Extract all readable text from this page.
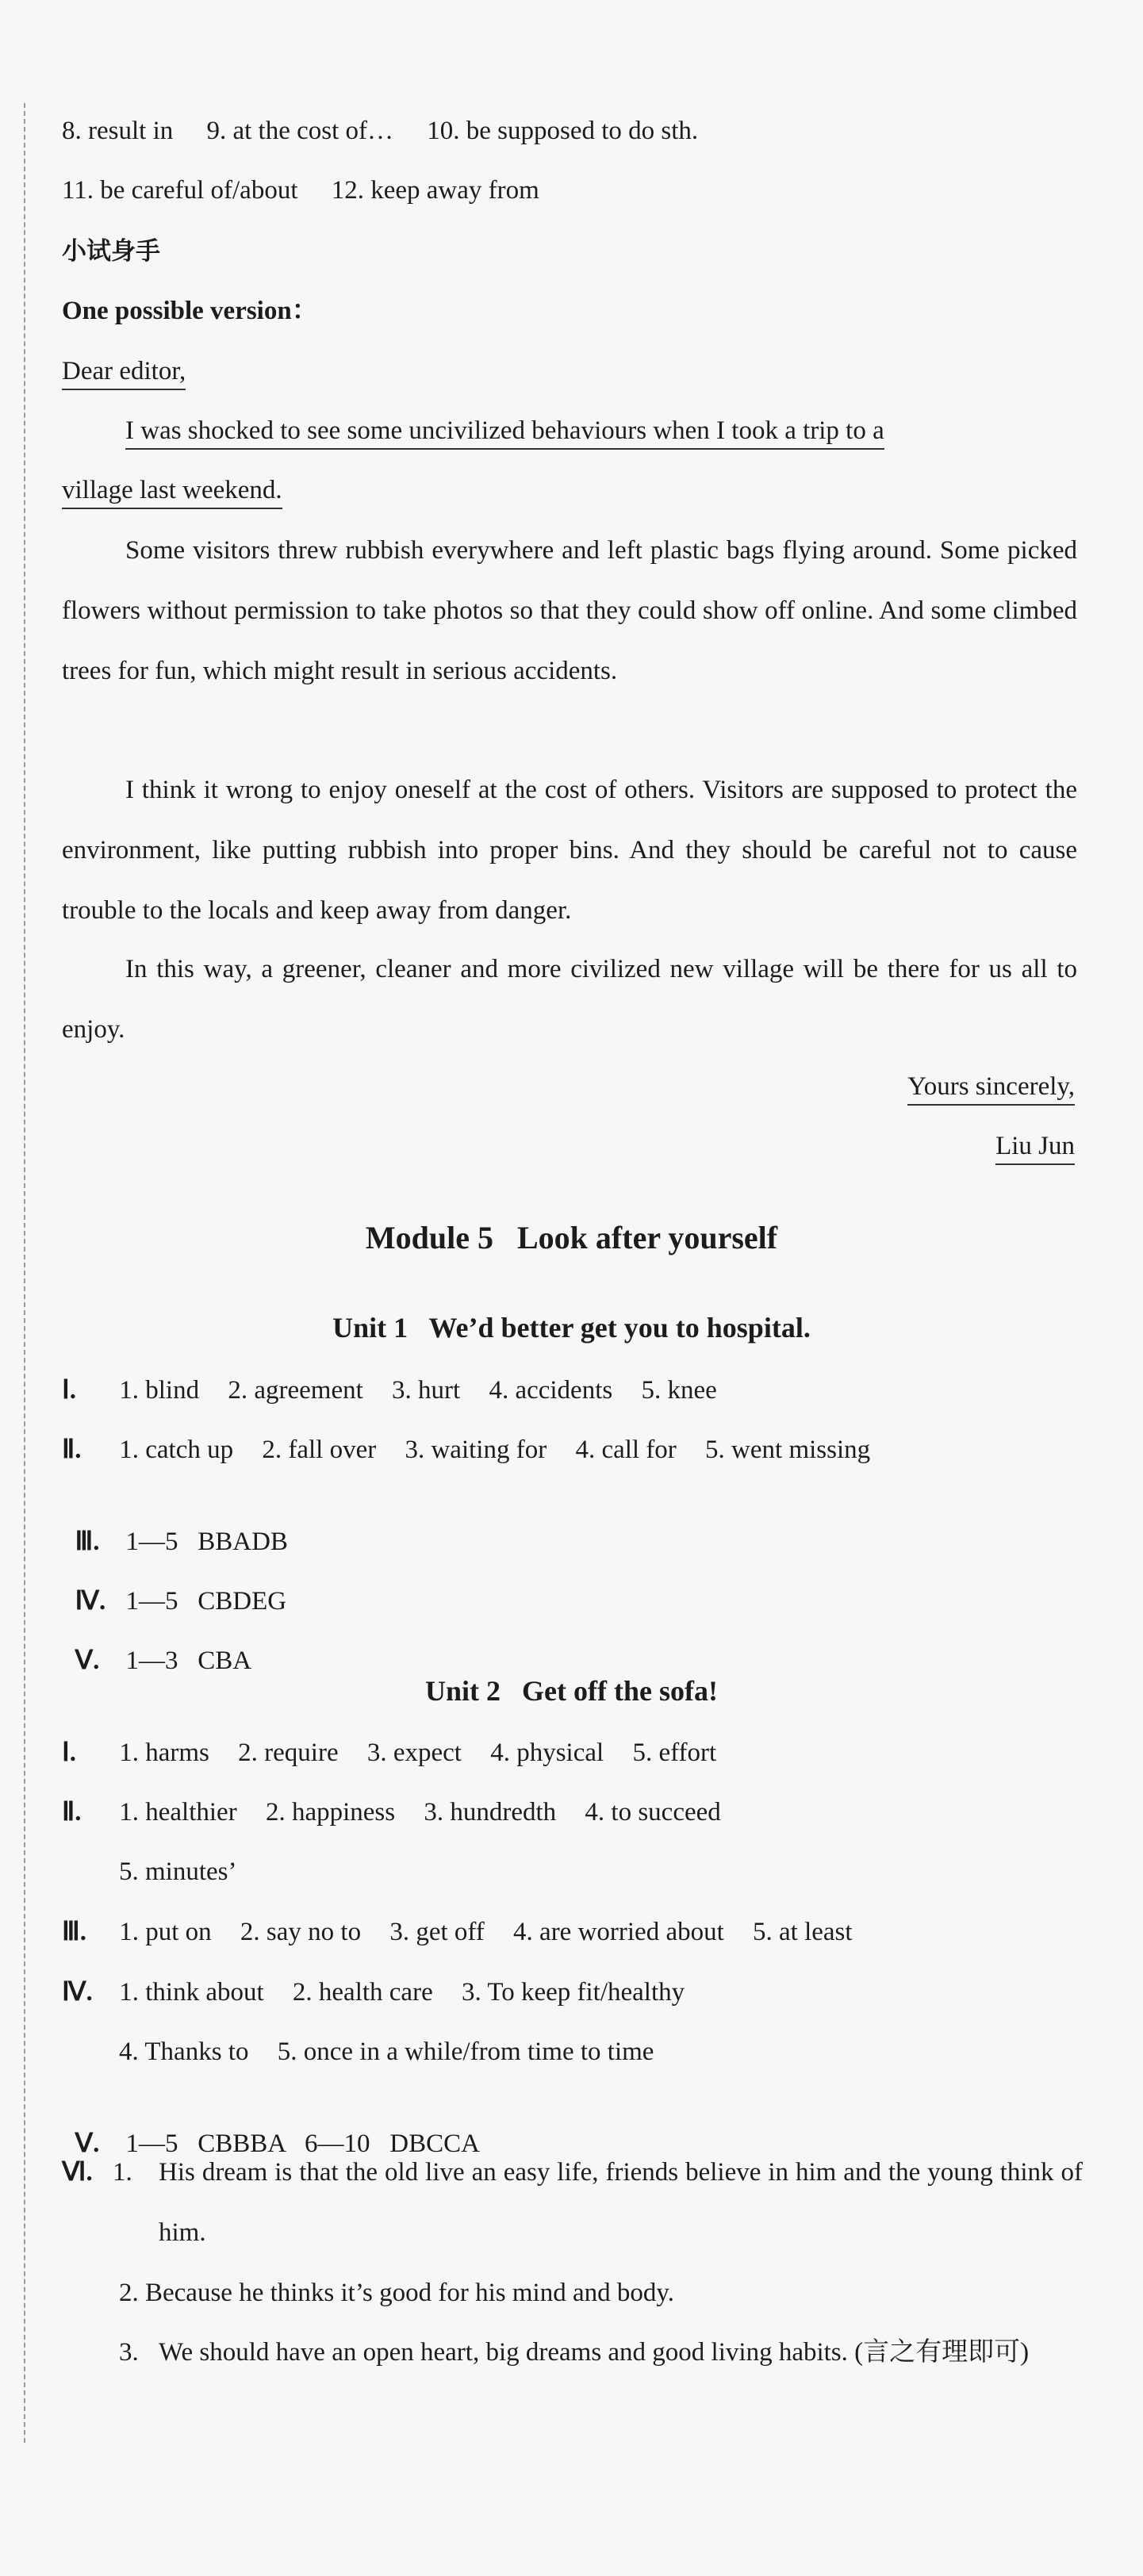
8. result in 9. at the cost of… 10. be supposed to do sth.
11. be careful of/about 12. keep away from
小试身手
One possible version：
Dear editor,
I was shocked to see some uncivilized behaviours when I took a trip to a
village last weekend.
Some visitors threw rubbish everywhere and left plastic bags flying around. Some picked flowers without permission to take photos so that they could show off online. And some climbed trees for fun, which might result in serious accidents.
I think it wrong to enjoy oneself at the cost of others. Visitors are supposed to protect the environment, like putting rubbish into proper bins. And they should be careful not to cause trouble to the locals and keep away from danger.
In this way, a greener, cleaner and more civilized new village will be there for us all to enjoy.
Yours sincerely,
Liu Jun
Module 5   Look after yourself
Unit 1   We’d better get you to hospital.
Ⅰ. 1. blind 2. agreement 3. hurt 4. accidents 5. knee
Ⅱ. 1. catch up 2. fall over 3. waiting for 4. call for 5. went missing

Ⅲ. 1—5   BBADB

Ⅳ. 1—5   CBDEG

Ⅴ. 1—3   CBA

Unit 2   Get off the sofa!
Ⅰ. 1. harms 2. require 3. expect 4. physical 5. effort
Ⅱ. 1. healthier 2. happiness 3. hundredth 4. to succeed
5. minutes’
Ⅲ. 1. put on 2. say no to 3. get off 4. are worried about 5. at least
Ⅳ. 1. think about 2. health care 3. To keep fit/healthy
4. Thanks to 5. once in a while/from time to time

Ⅴ. 1—5   CBBBA   6—10   DBCCA

Ⅵ. 1. His dream is that the old live an easy life, friends believe in him and the young think of him.
2. Because he thinks it’s good for his mind and body.
3. We should have an open heart, big dreams and good living habits. (言之有理即可)
